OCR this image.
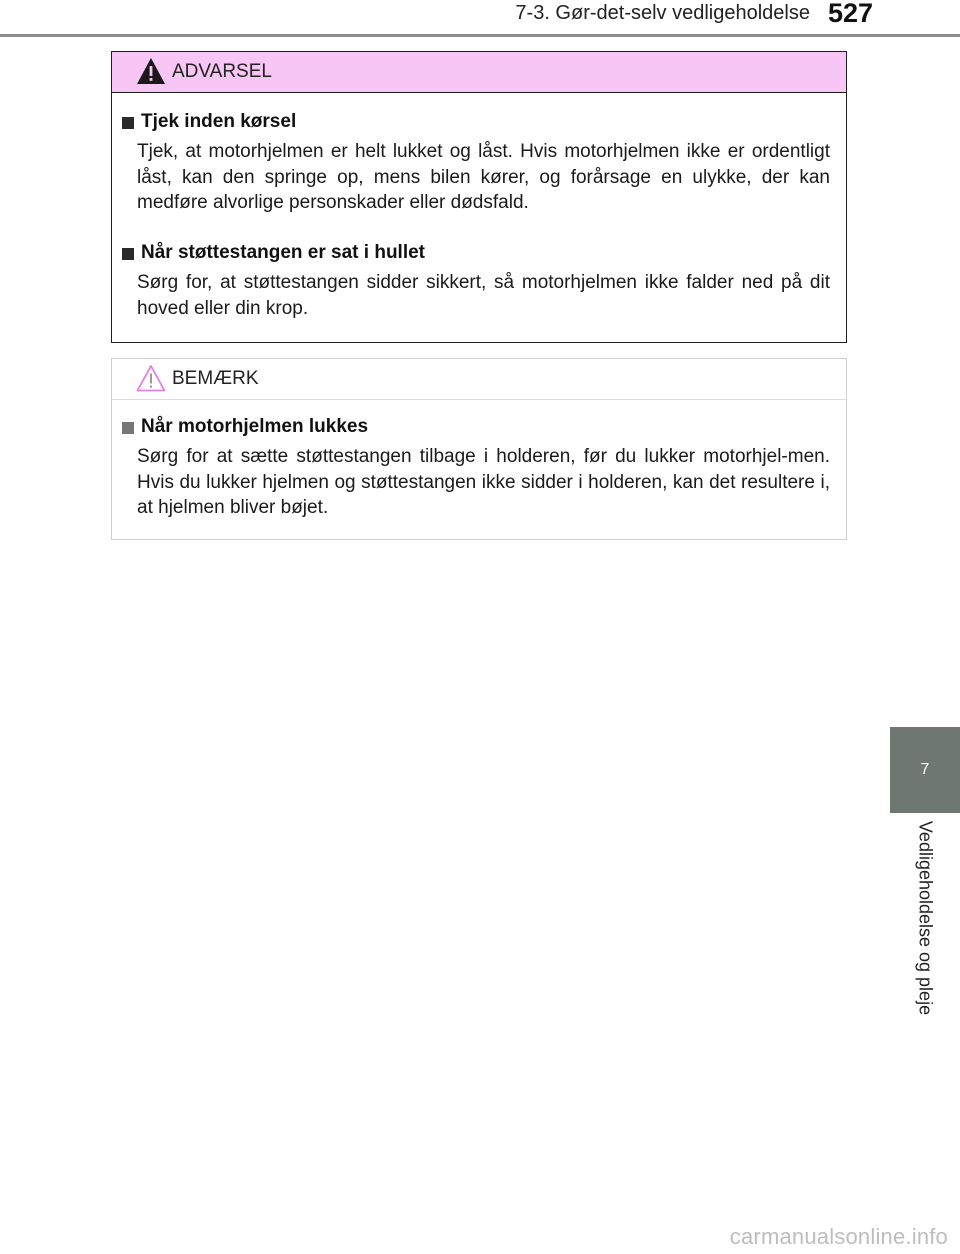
7-3. Gør-det-selv vedligeholdelse 527
7
Vedligeholdelse og pleje
ADVARSEL
Tjek inden kørsel
Tjek, at motorhjelmen er helt lukket og låst. Hvis motorhjelmen ikke er ordentligt låst, kan den springe op, mens bilen kører, og forårsage en ulykke, der kan medføre alvorlige personskader eller dødsfald.
Når støttestangen er sat i hullet
Sørg for, at støttestangen sidder sikkert, så motorhjelmen ikke falder ned på dit hoved eller din krop.
BEMÆRK
Når motorhjelmen lukkes
Sørg for at sætte støttestangen tilbage i holderen, før du lukker motorhjel-men. Hvis du lukker hjelmen og støttestangen ikke sidder i holderen, kan det resultere i, at hjelmen bliver bøjet.
carmanualsonline.info
